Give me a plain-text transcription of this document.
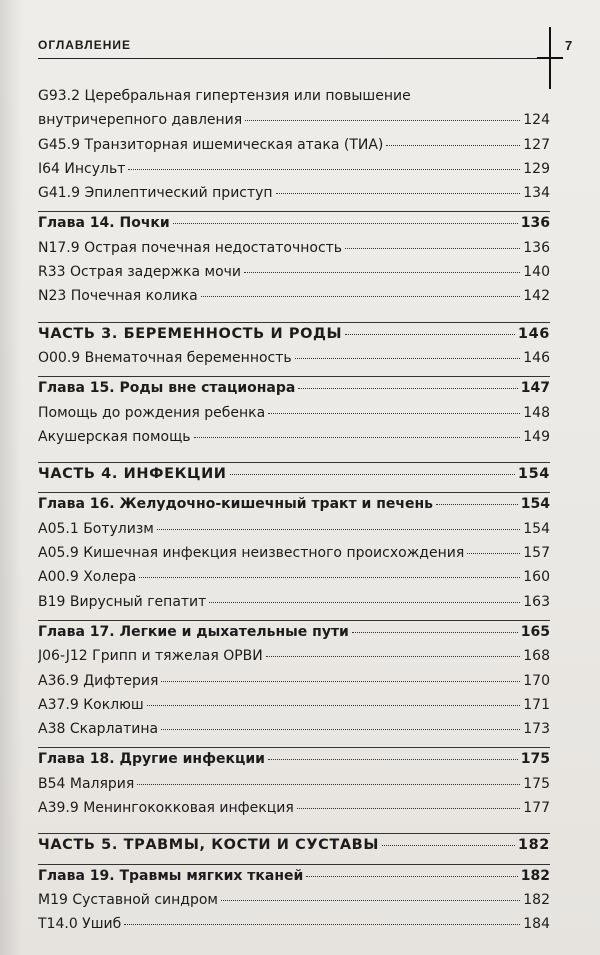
ОГЛАВЛЕНИЕ	7
G93.2 Церебральная гипертензия или повышение
внутричерепного давления	124
G45.9 Транзиторная ишемическая атака (ТИА)	127
I64 Инсульт	129
G41.9 Эпилептический приступ	134
Глава 14. Почки	136
N17.9 Острая почечная недостаточность	136
R33 Острая задержка мочи	140
N23 Почечная колика	142
ЧАСТЬ 3. БЕРЕМЕННОСТЬ И РОДЫ	146
O00.9 Внематочная беременность	146
Глава 15. Роды вне стационара	147
Помощь до рождения ребенка	148
Акушерская помощь	149
ЧАСТЬ 4. ИНФЕКЦИИ	154
Глава 16. Желудочно-кишечный тракт и печень	154
A05.1 Ботулизм	154
A05.9 Кишечная инфекция неизвестного происхождения	157
A00.9 Холера	160
B19 Вирусный гепатит	163
Глава 17. Легкие и дыхательные пути	165
J06-J12 Грипп и тяжелая ОРВИ	168
A36.9 Дифтерия	170
A37.9 Коклюш	171
A38 Скарлатина	173
Глава 18. Другие инфекции	175
B54 Малярия	175
A39.9 Менингококковая инфекция	177
ЧАСТЬ 5. ТРАВМЫ, КОСТИ И СУСТАВЫ	182
Глава 19. Травмы мягких тканей	182
M19 Суставной синдром	182
T14.0 Ушиб	184
